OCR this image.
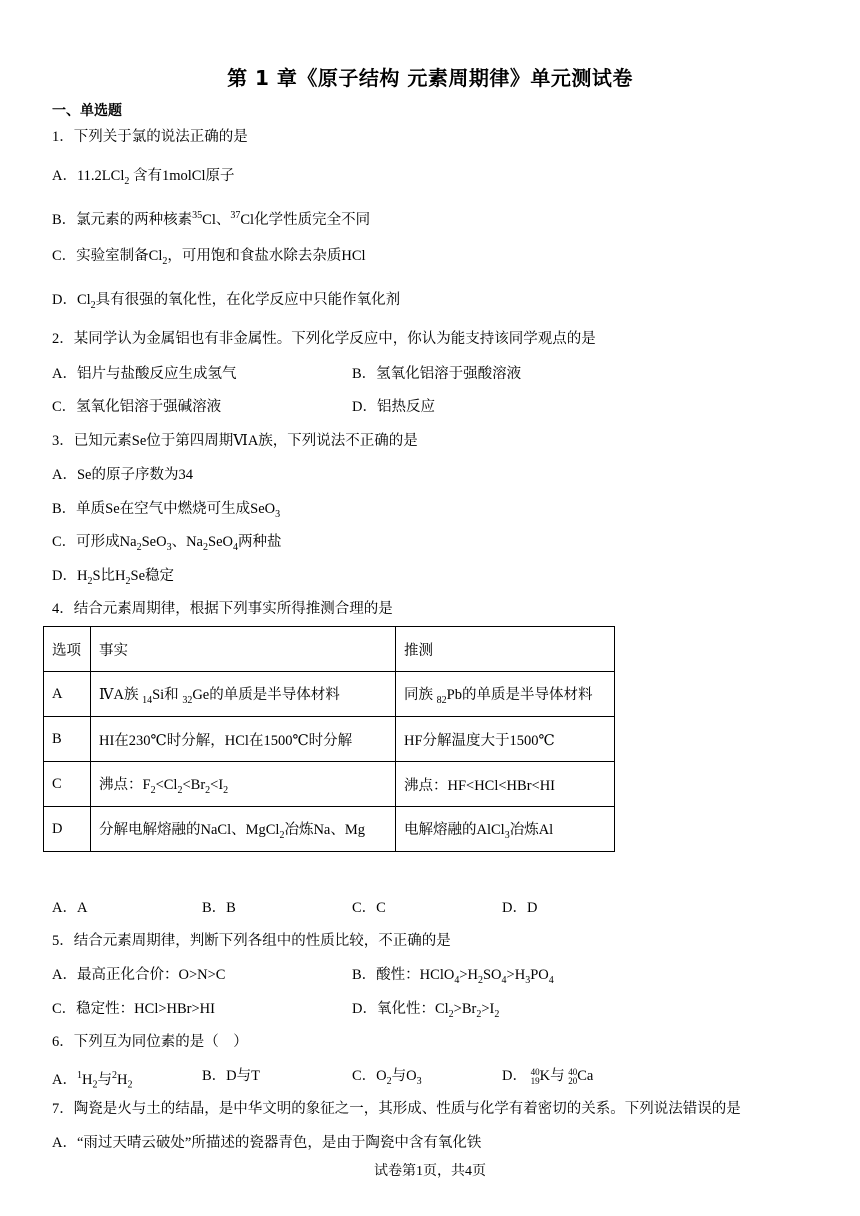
第 1 章《原子结构 元素周期律》单元测试卷
一、单选题
1．下列关于氯的说法正确的是
A．11.2LCl$_2$ 含有1molCl原子
B．氯元素的两种核素$^{35}$Cl、$^{37}$Cl化学性质完全不同
C．实验室制备$Cl_2$，可用饱和食盐水除去杂质HCl
D．$Cl_2$具有很强的氧化性，在化学反应中只能作氧化剂
2．某同学认为金属铝也有非金属性。下列化学反应中，你认为能支持该同学观点的是
A．铝片与盐酸反应生成氢气	B．氢氧化铝溶于强酸溶液
C．氢氧化铝溶于强碱溶液	D．铝热反应
3．已知元素Se位于第四周期ⅥA族，下列说法不正确的是
A．Se的原子序数为34
B．单质Se在空气中燃烧可生成SeO$_3$
C．可形成$Na_2SeO_3$、$Na_2SeO_4$两种盐
D．$H_2S$比$H_2Se$稳定
4．结合元素周期律，根据下列事实所得推测合理的是
选项	事实	推测
A	ⅣA族 $_{14}$Si和 $_{32}$Ge的单质是半导体材料	同族 $_{82}$Pb的单质是半导体材料
B	HI在230℃时分解，HCl在1500℃时分解	HF分解温度大于1500℃
C	沸点：$F_2<Cl_2<Br_2<I_2$	沸点：HF<HCl<HBr<HI
D	分解电解熔融的NaCl、MgCl$_2$冶炼Na、Mg	电解熔融的AlCl$_3$冶炼Al
A．A	B．B	C．C	D．D
5．结合元素周期律，判断下列各组中的性质比较，不正确的是
A．最高正化合价：O>N>C	B．酸性：$HClO_4>H_2SO_4>H_3PO_4$
C．稳定性：HCl>HBr>HI	D．氧化性：$Cl_2>Br_2>I_2$
6．下列互为同位素的是（　）
A．$^1H_2$与$^2H_2$
B．D与T	C．$O_2$与$O_3$	D． 40
19 K与 40
20 Ca
7．陶瓷是火与土的结晶，是中华文明的象征之一，其形成、性质与化学有着密切的关系。下列说法错误的是
A．“雨过天晴云破处”所描述的瓷器青色，是由于陶瓷中含有氧化铁
试卷第1页，共4页
